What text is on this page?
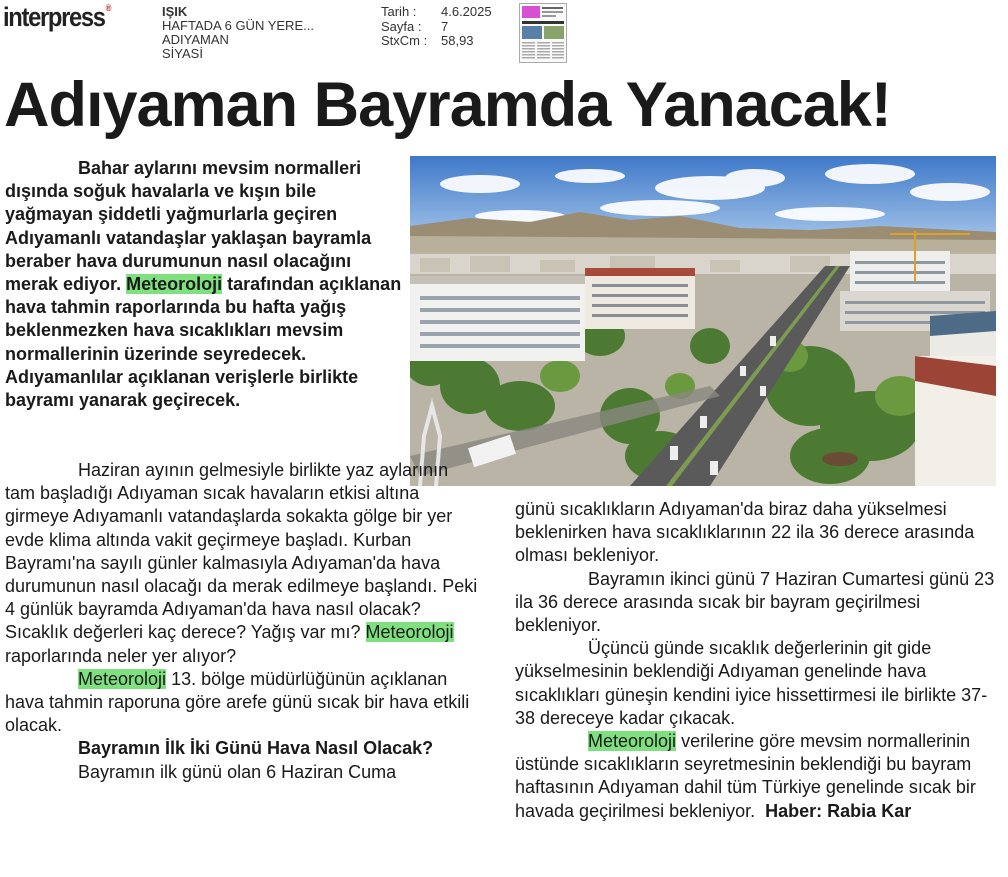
interpress®	IŞIK
HAFTADA 6 GÜN YERE...
ADIYAMAN
SİYASİ
Tarih :	4.6.2025
Sayfa :	7
StxCm :	58,93
Adıyaman Bayramda Yanacak!

Bahar aylarını mevsim normalleri dışında soğuk havalarla ve kışın bile yağmayan şiddetli yağmurlarla geçiren Adıyamanlı vatandaşlar yaklaşan bayramla beraber hava durumunun nasıl olacağını merak ediyor. Meteoroloji tarafından açıklanan hava tahmin raporlarında bu hafta yağış beklenmezken hava sıcaklıkları mevsim normallerinin üzerinde seyredecek. Adıyamanlılar açıklanan verişlerle birlikte bayramı yanarak geçirecek.

Haziran ayının gelmesiyle birlikte yaz aylarının tam başladığı Adıyaman sıcak havaların etkisi altına girmeye Adıyamanlı vatandaşlarda sokakta gölge bir yer evde klima altında vakit geçirmeye başladı. Kurban Bayramı'na sayılı günler kalmasıyla Adıyaman'da hava durumunun nasıl olacağı da merak edilmeye başlandı. Peki 4 günlük bayramda Adıyaman'da hava nasıl olacak? Sıcaklık değerleri kaç derece? Yağış var mı? Meteoroloji raporlarında neler yer alıyor?

Meteoroloji 13. bölge müdürlüğünün açıklanan hava tahmin raporuna göre arefe günü sıcak bir hava etkili olacak.

Bayramın İlk İki Günü Hava Nasıl Olacak?

Bayramın ilk günü olan 6 Haziran Cuma

günü sıcaklıkların Adıyaman'da biraz daha yükselmesi beklenirken hava sıcaklıklarının 22 ila 36 derece arasında olması bekleniyor.

Bayramın ikinci günü 7 Haziran Cumartesi günü 23 ila 36 derece arasında sıcak bir bayram geçirilmesi bekleniyor.

Üçüncü günde sıcaklık değerlerinin git gide yükselmesinin beklendiği Adıyaman genelinde hava sıcaklıkları güneşin kendini iyice hissettirmesi ile birlikte 37-38 dereceye kadar çıkacak.

Meteoroloji verilerine göre mevsim normallerinin üstünde sıcaklıkların seyretmesinin beklendiği bu bayram haftasının Adıyaman dahil tüm Türkiye genelinde sıcak bir havada geçirilmesi bekleniyor. Haber: Rabia Kar
